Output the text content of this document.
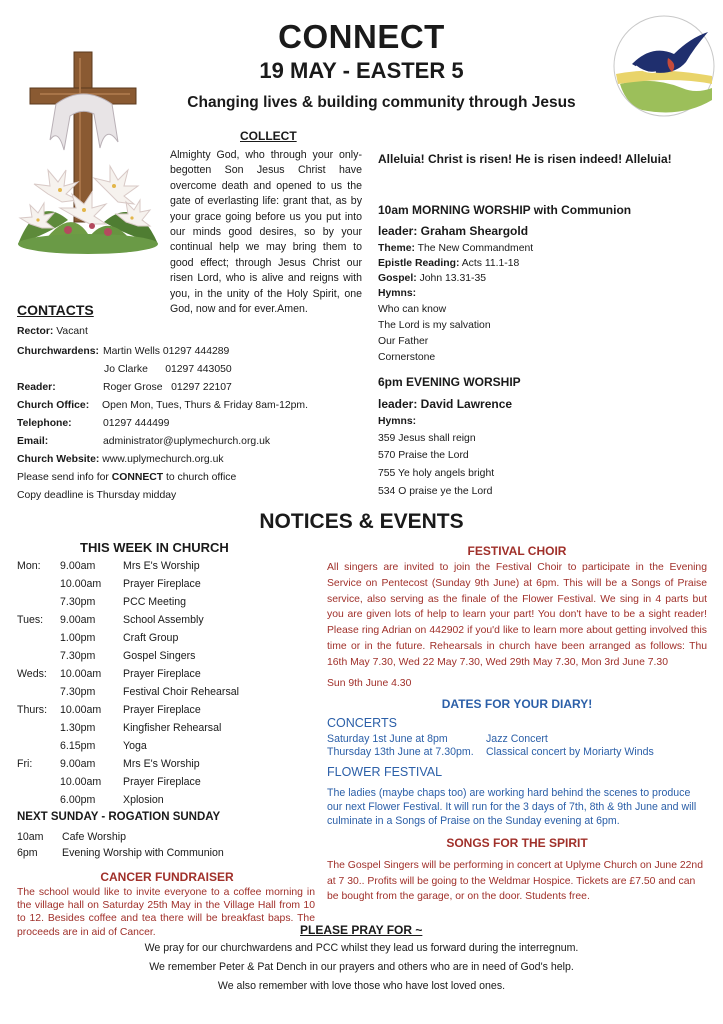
CONNECT
19 MAY - EASTER 5
Changing lives & building community through Jesus
COLLECT
Almighty God, who through your only-begotten Son Jesus Christ have overcome death and opened to us the gate of everlasting life: grant that, as by your grace going before us you put into our minds good desires, so by your continual help we may bring them to good effect; through Jesus Christ our risen Lord, who is alive and reigns with you, in the unity of the Holy Spirit, one God, now and for ever.Amen.
Alleluia! Christ is risen! He is risen indeed! Alleluia!
10am MORNING WORSHIP with Communion
leader: Graham Sheargold
Theme: The New Commandment
Epistle Reading: Acts 11.1-18
Gospel: John 13.31-35
Hymns:
Who can know
The Lord is my salvation
Our Father
Cornerstone
6pm EVENING WORSHIP
leader: David Lawrence
Hymns:
359 Jesus shall reign
570 Praise the Lord
755 Ye holy angels bright
534 O praise ye the Lord
CONTACTS
Rector: Vacant
Churchwardens: Martin Wells 01297 444289
Jo Clarke      01297 443050
Reader:	Roger Grose   01297 22107
Church Office: Open Mon, Tues, Thurs & Friday 8am-12pm.
Telephone:	01297 444499
Email:	administrator@uplymechurch.org.uk
Church Website: www.uplymechurch.org.uk
Please send info for CONNECT to church office
Copy deadline is Thursday midday
NOTICES & EVENTS
THIS WEEK IN CHURCH
Mon: 9.00am	Mrs E's Worship
10.00am Prayer Fireplace
7.30pm	PCC Meeting
Tues: 9.00am	School Assembly
1.00pm	Craft Group
7.30pm	Gospel Singers
Weds: 10.00am Prayer Fireplace
7.30pm	Festival Choir Rehearsal
Thurs: 10.00am Prayer Fireplace
1.30pm	Kingfisher Rehearsal
6.15pm	Yoga
Fri:	9.00am	Mrs E's Worship
10.00am Prayer Fireplace
6.00pm	Xplosion
NEXT SUNDAY - ROGATION SUNDAY
10am Cafe Worship
6pm Evening Worship with Communion
CANCER FUNDRAISER
The school would like to invite everyone to a coffee morning in the village hall on Saturday 25th May in the Village Hall from 10 to 12. Besides coffee and tea there will be breakfast baps. The proceeds are in aid of Cancer.
FESTIVAL CHOIR
All singers are invited to join the Festival Choir to participate in the Evening Service on Pentecost (Sunday 9th June) at 6pm. This will be a Songs of Praise service, also serving as the finale of the Flower Festival. We sing in 4 parts but you are given lots of help to learn your part! You don't have to be a sight reader! Please ring Adrian on 442902 if you'd like to learn more about getting involved this time or in the future. Rehearsals in church have been arranged as follows: Thu 16th May 7.30, Wed 22 May 7.30, Wed 29th May 7.30, Mon 3rd June 7.30
Sun 9th June 4.30
DATES FOR YOUR DIARY!
CONCERTS
Saturday 1st June at 8pm	Jazz Concert
Thursday 13th June at 7.30pm. Classical concert by Moriarty Winds
FLOWER FESTIVAL
The ladies (maybe chaps too) are working hard behind the scenes to produce our next Flower Festival. It will run for the 3 days of 7th, 8th & 9th June and will culminate in a Songs of Praise on the Sunday evening at 6pm.
SONGS FOR THE SPIRIT
The Gospel Singers will be performing in concert at Uplyme Church on June 22nd at 7 30.. Profits will be going to the Weldmar Hospice. Tickets are £7.50 and can be bought from the garage, or on the door. Students free.
PLEASE PRAY FOR ~
We pray for our churchwardens and PCC whilst they lead us forward during the interregnum.
We remember Peter & Pat Dench in our prayers and others who are in need of God's help.
We also remember with love those who have lost loved ones.
